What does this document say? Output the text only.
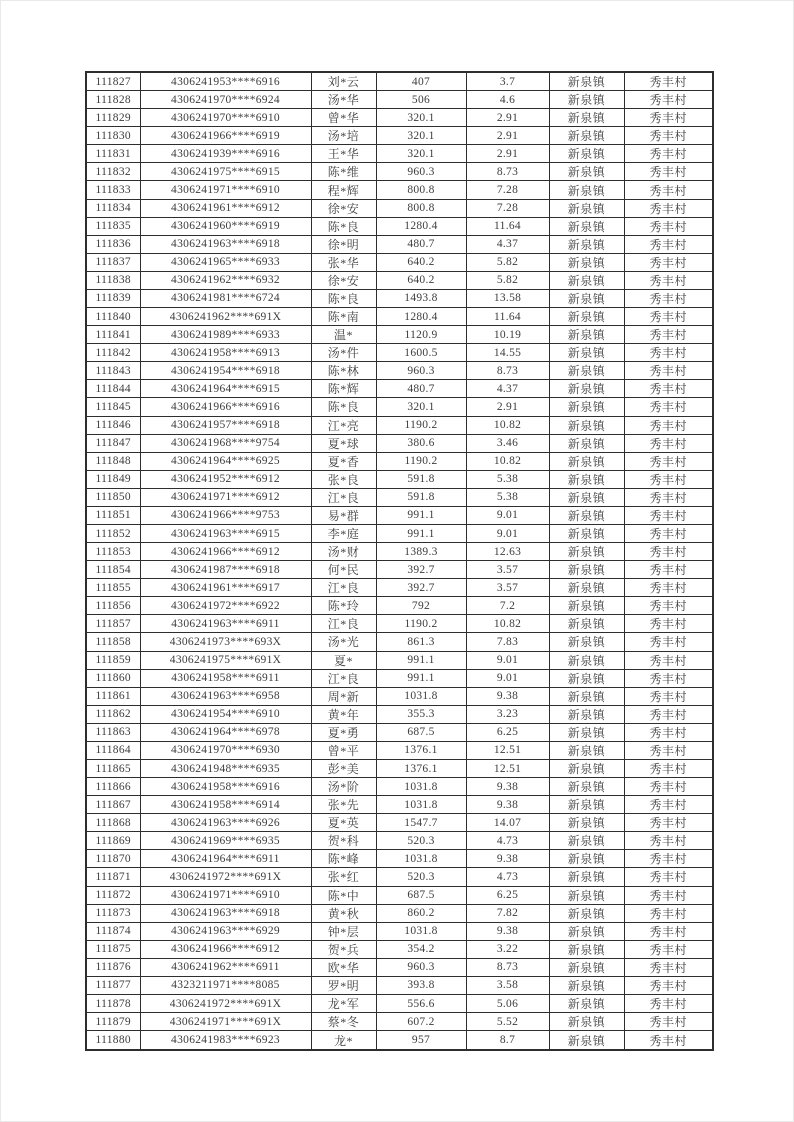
111827	4306241953****6916	刘*云	407	3.7	新泉镇	秀丰村
111828	4306241970****6924	汤*华	506	4.6	新泉镇	秀丰村
111829	4306241970****6910	曾*华	320.1	2.91	新泉镇	秀丰村
111830	4306241966****6919	汤*培	320.1	2.91	新泉镇	秀丰村
111831	4306241939****6916	王*华	320.1	2.91	新泉镇	秀丰村
111832	4306241975****6915	陈*维	960.3	8.73	新泉镇	秀丰村
111833	4306241971****6910	程*辉	800.8	7.28	新泉镇	秀丰村
111834	4306241961****6912	徐*安	800.8	7.28	新泉镇	秀丰村
111835	4306241960****6919	陈*良	1280.4	11.64	新泉镇	秀丰村
111836	4306241963****6918	徐*明	480.7	4.37	新泉镇	秀丰村
111837	4306241965****6933	张*华	640.2	5.82	新泉镇	秀丰村
111838	4306241962****6932	徐*安	640.2	5.82	新泉镇	秀丰村
111839	4306241981****6724	陈*良	1493.8	13.58	新泉镇	秀丰村
111840	4306241962****691X	陈*南	1280.4	11.64	新泉镇	秀丰村
111841	4306241989****6933	温*	1120.9	10.19	新泉镇	秀丰村
111842	4306241958****6913	汤*件	1600.5	14.55	新泉镇	秀丰村
111843	4306241954****6918	陈*林	960.3	8.73	新泉镇	秀丰村
111844	4306241964****6915	陈*辉	480.7	4.37	新泉镇	秀丰村
111845	4306241966****6916	陈*良	320.1	2.91	新泉镇	秀丰村
111846	4306241957****6918	江*亮	1190.2	10.82	新泉镇	秀丰村
111847	4306241968****9754	夏*球	380.6	3.46	新泉镇	秀丰村
111848	4306241964****6925	夏*香	1190.2	10.82	新泉镇	秀丰村
111849	4306241952****6912	张*良	591.8	5.38	新泉镇	秀丰村
111850	4306241971****6912	江*良	591.8	5.38	新泉镇	秀丰村
111851	4306241966****9753	易*群	991.1	9.01	新泉镇	秀丰村
111852	4306241963****6915	李*庭	991.1	9.01	新泉镇	秀丰村
111853	4306241966****6912	汤*财	1389.3	12.63	新泉镇	秀丰村
111854	4306241987****6918	何*民	392.7	3.57	新泉镇	秀丰村
111855	4306241961****6917	江*良	392.7	3.57	新泉镇	秀丰村
111856	4306241972****6922	陈*玲	792	7.2	新泉镇	秀丰村
111857	4306241963****6911	江*良	1190.2	10.82	新泉镇	秀丰村
111858	4306241973****693X	汤*光	861.3	7.83	新泉镇	秀丰村
111859	4306241975****691X	夏*	991.1	9.01	新泉镇	秀丰村
111860	4306241958****6911	江*良	991.1	9.01	新泉镇	秀丰村
111861	4306241963****6958	周*新	1031.8	9.38	新泉镇	秀丰村
111862	4306241954****6910	黄*年	355.3	3.23	新泉镇	秀丰村
111863	4306241964****6978	夏*勇	687.5	6.25	新泉镇	秀丰村
111864	4306241970****6930	曾*平	1376.1	12.51	新泉镇	秀丰村
111865	4306241948****6935	彭*美	1376.1	12.51	新泉镇	秀丰村
111866	4306241958****6916	汤*阶	1031.8	9.38	新泉镇	秀丰村
111867	4306241958****6914	张*先	1031.8	9.38	新泉镇	秀丰村
111868	4306241963****6926	夏*英	1547.7	14.07	新泉镇	秀丰村
111869	4306241969****6935	贺*科	520.3	4.73	新泉镇	秀丰村
111870	4306241964****6911	陈*峰	1031.8	9.38	新泉镇	秀丰村
111871	4306241972****691X	张*红	520.3	4.73	新泉镇	秀丰村
111872	4306241971****6910	陈*中	687.5	6.25	新泉镇	秀丰村
111873	4306241963****6918	黄*秋	860.2	7.82	新泉镇	秀丰村
111874	4306241963****6929	钟*层	1031.8	9.38	新泉镇	秀丰村
111875	4306241966****6912	贺*兵	354.2	3.22	新泉镇	秀丰村
111876	4306241962****6911	欧*华	960.3	8.73	新泉镇	秀丰村
111877	4323211971****8085	罗*明	393.8	3.58	新泉镇	秀丰村
111878	4306241972****691X	龙*军	556.6	5.06	新泉镇	秀丰村
111879	4306241971****691X	蔡*冬	607.2	5.52	新泉镇	秀丰村
111880	4306241983****6923	龙*	957	8.7	新泉镇	秀丰村
